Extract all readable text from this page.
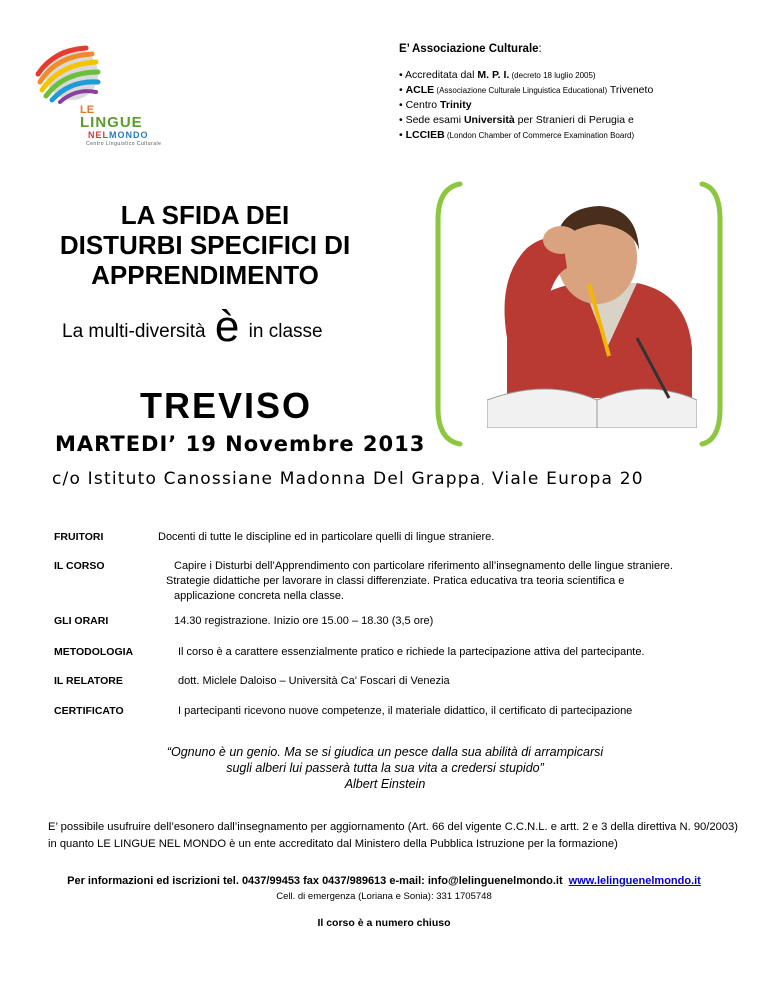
LE
LINGUE
NELMONDO
Centro Linguistico Culturale
E’ Associazione Culturale:
• Accreditata dal M. P. I. (decreto 18 luglio 2005)
• ACLE (Associazione Culturale Linguistica Educational) Triveneto
• Centro Trinity
• Sede esami Università per Stranieri di Perugia e
• LCCIEB (London Chamber of Commerce Examination Board)
LA SFIDA DEI
DISTURBI SPECIFICI DI
APPRENDIMENTO
La multi-diversità è in classe
TREVISO
MARTEDI’ 19 Novembre 2013
c/o Istituto Canossiane Madonna Del Grappa, Viale Europa 20
FRUITORI	Docenti di tutte le discipline ed in particolare quelli di lingue straniere.
IL CORSO	Capire i Disturbi dell’Apprendimento con particolare riferimento all’insegnamento delle lingue straniere.
Strategie didattiche per lavorare in classi differenziate. Pratica educativa tra teoria scientifica e
applicazione concreta nella classe.
GLI ORARI	14.30 registrazione. Inizio ore 15.00 – 18.30 (3,5 ore)
METODOLOGIA	Il corso è a carattere essenzialmente pratico e richiede la partecipazione attiva del partecipante.
IL RELATORE	dott. Miclele Daloiso – Università Ca’ Foscari di Venezia
CERTIFICATO	I partecipanti ricevono nuove competenze, il materiale didattico, il certificato di partecipazione
“Ognuno è un genio. Ma se si giudica un pesce dalla sua abilità di arrampicarsi
sugli alberi lui passerà tutta la sua vita a credersi stupido”
Albert Einstein
E’ possibile usufruire dell’esonero dall’insegnamento per aggiornamento (Art. 66 del vigente C.C.N.L. e artt. 2 e 3 della direttiva N. 90/2003) in quanto LE LINGUE NEL MONDO è un ente accreditato dal Ministero della Pubblica Istruzione per la formazione)
Per informazioni ed iscrizioni tel. 0437/99453 fax 0437/989613 e-mail: info@lelinguenelmondo.it www.lelinguenelmondo.it
Cell. di emergenza (Loriana e Sonia): 331 1705748
Il corso è a numero chiuso
